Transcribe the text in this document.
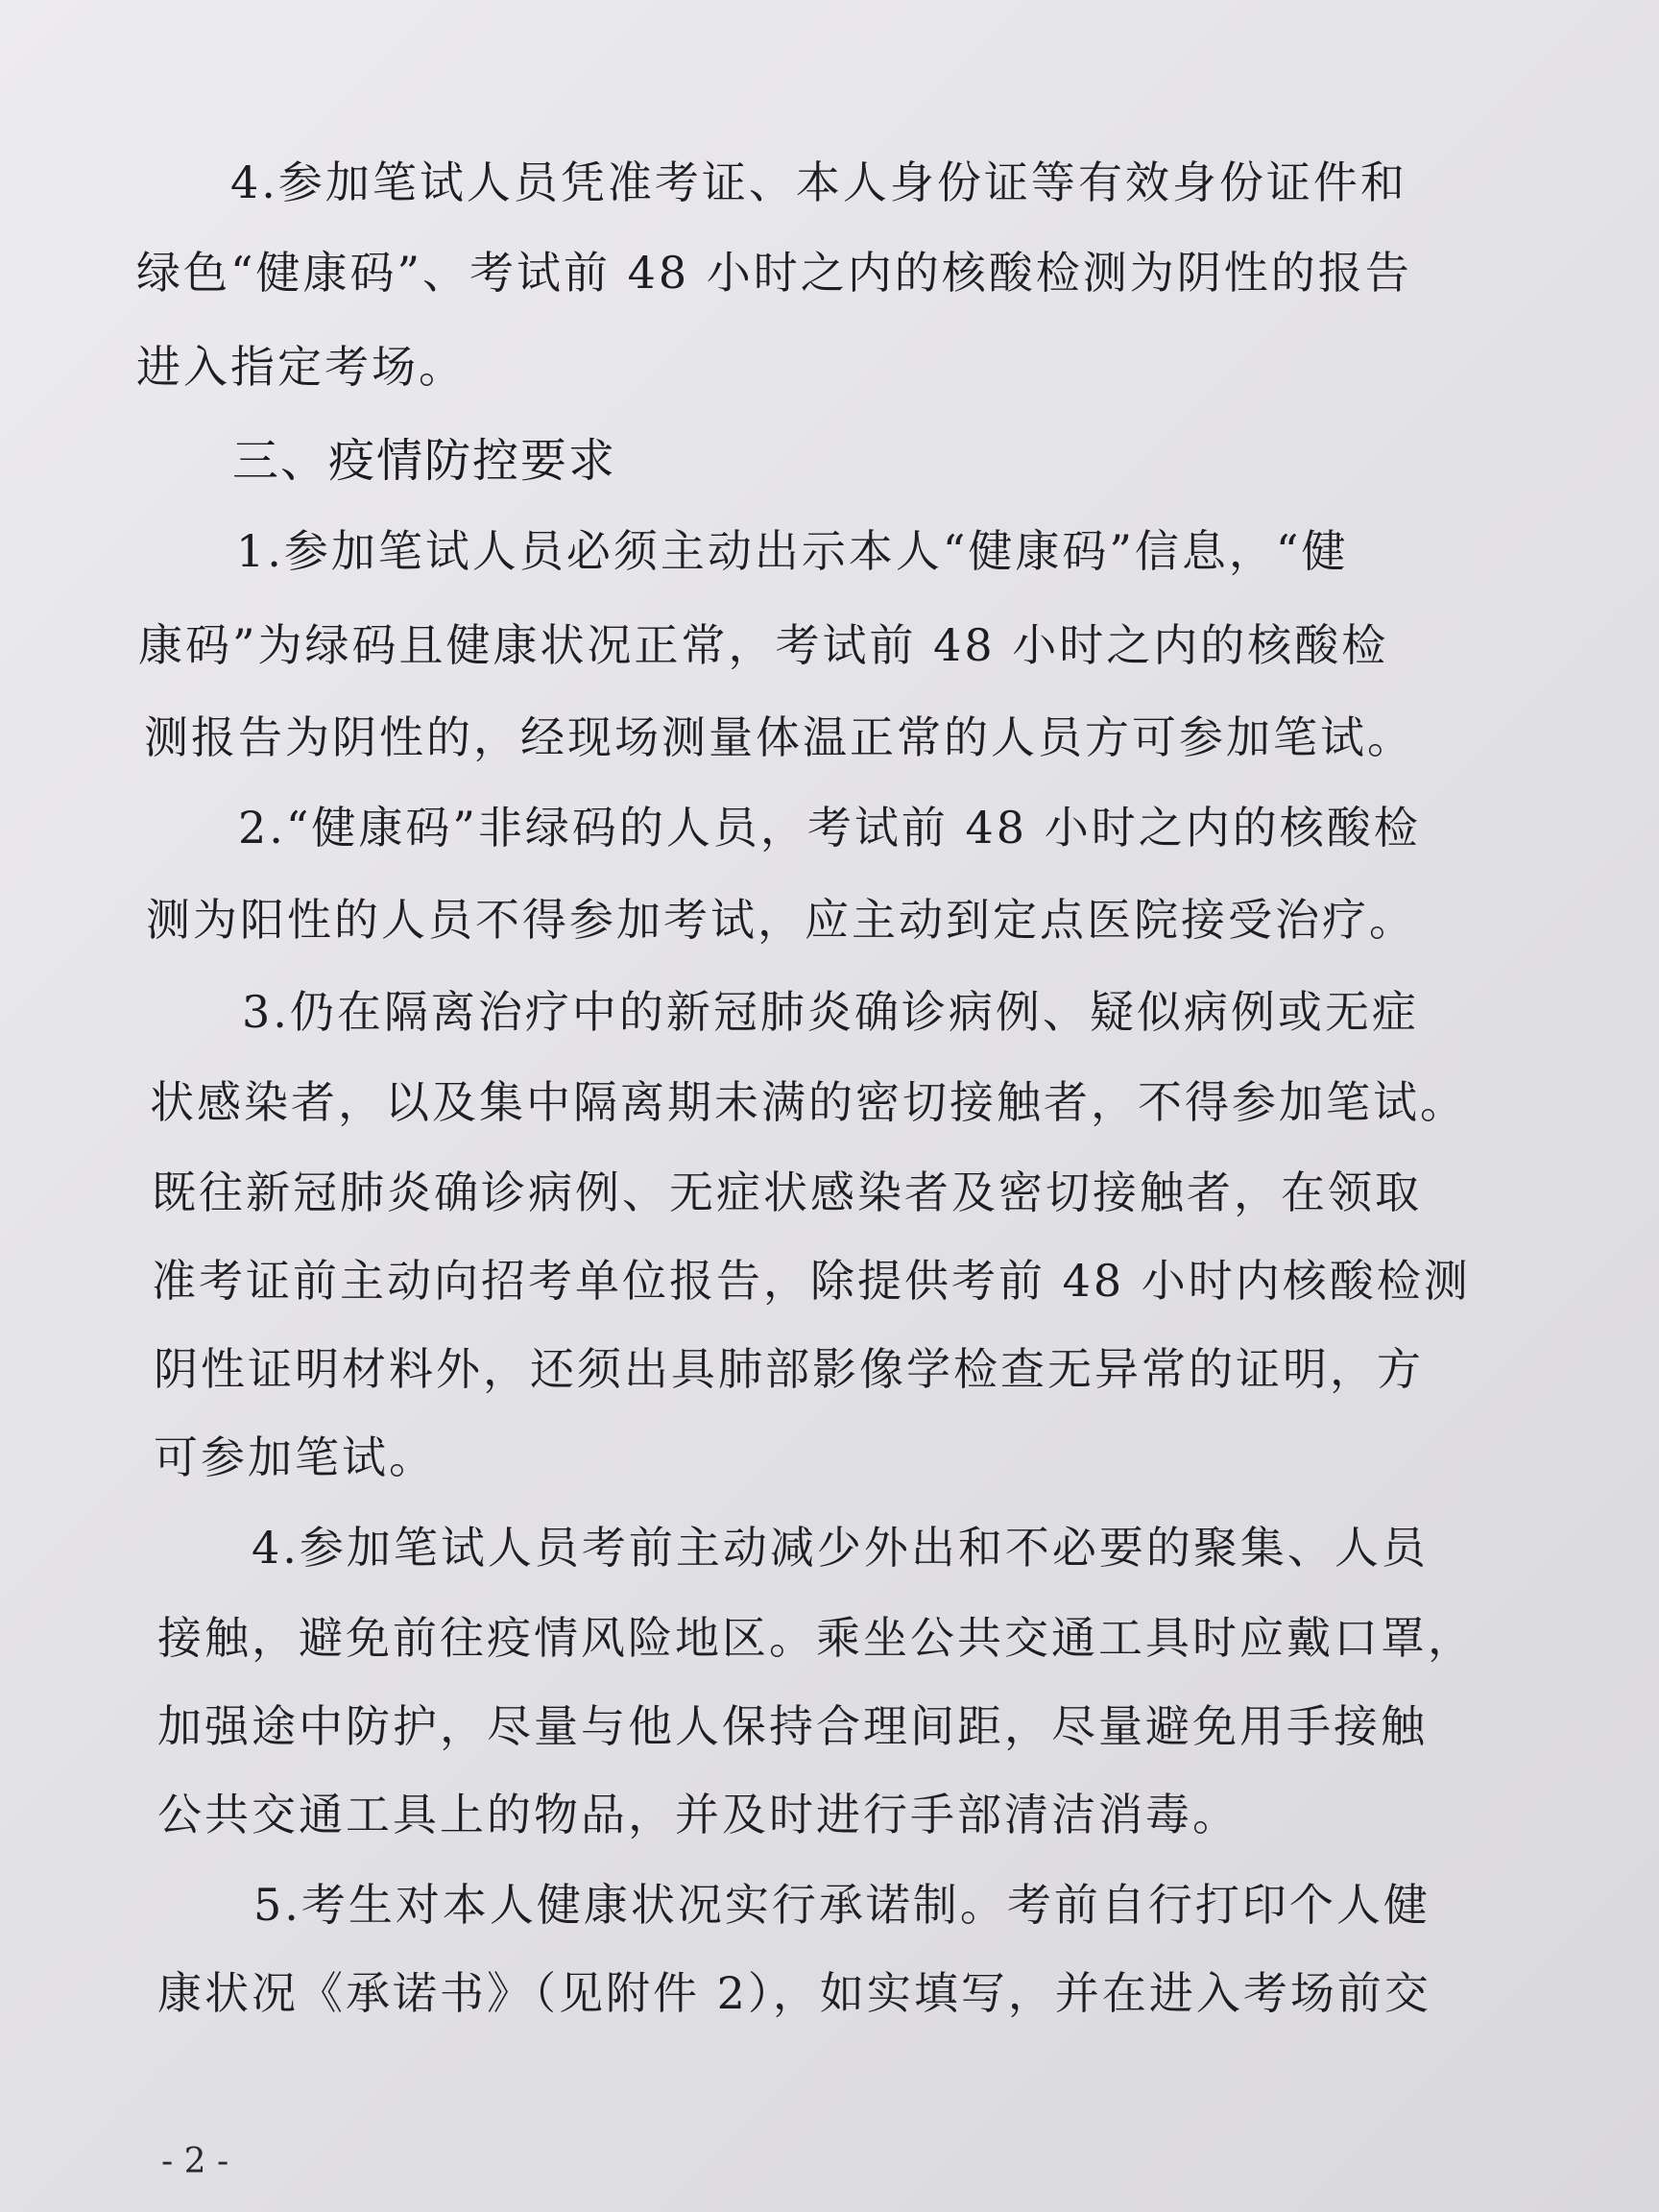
4.参加笔试人员凭准考证、本人身份证等有效身份证件和
绿色“健康码”、考试前 48 小时之内的核酸检测为阴性的报告
进入指定考场。
三、疫情防控要求
1.参加笔试人员必须主动出示本人“健康码”信息，“健
康码”为绿码且健康状况正常，考试前 48 小时之内的核酸检
测报告为阴性的，经现场测量体温正常的人员方可参加笔试。
2.“健康码”非绿码的人员，考试前 48 小时之内的核酸检
测为阳性的人员不得参加考试，应主动到定点医院接受治疗。
3.仍在隔离治疗中的新冠肺炎确诊病例、疑似病例或无症
状感染者，以及集中隔离期未满的密切接触者，不得参加笔试。
既往新冠肺炎确诊病例、无症状感染者及密切接触者，在领取
准考证前主动向招考单位报告，除提供考前 48 小时内核酸检测
阴性证明材料外，还须出具肺部影像学检查无异常的证明，方
可参加笔试。
4.参加笔试人员考前主动减少外出和不必要的聚集、人员
接触，避免前往疫情风险地区。乘坐公共交通工具时应戴口罩，
加强途中防护，尽量与他人保持合理间距，尽量避免用手接触
公共交通工具上的物品，并及时进行手部清洁消毒。
5.考生对本人健康状况实行承诺制。考前自行打印个人健
康状况《承诺书》（见附件 2），如实填写，并在进入考场前交
- 2 -
